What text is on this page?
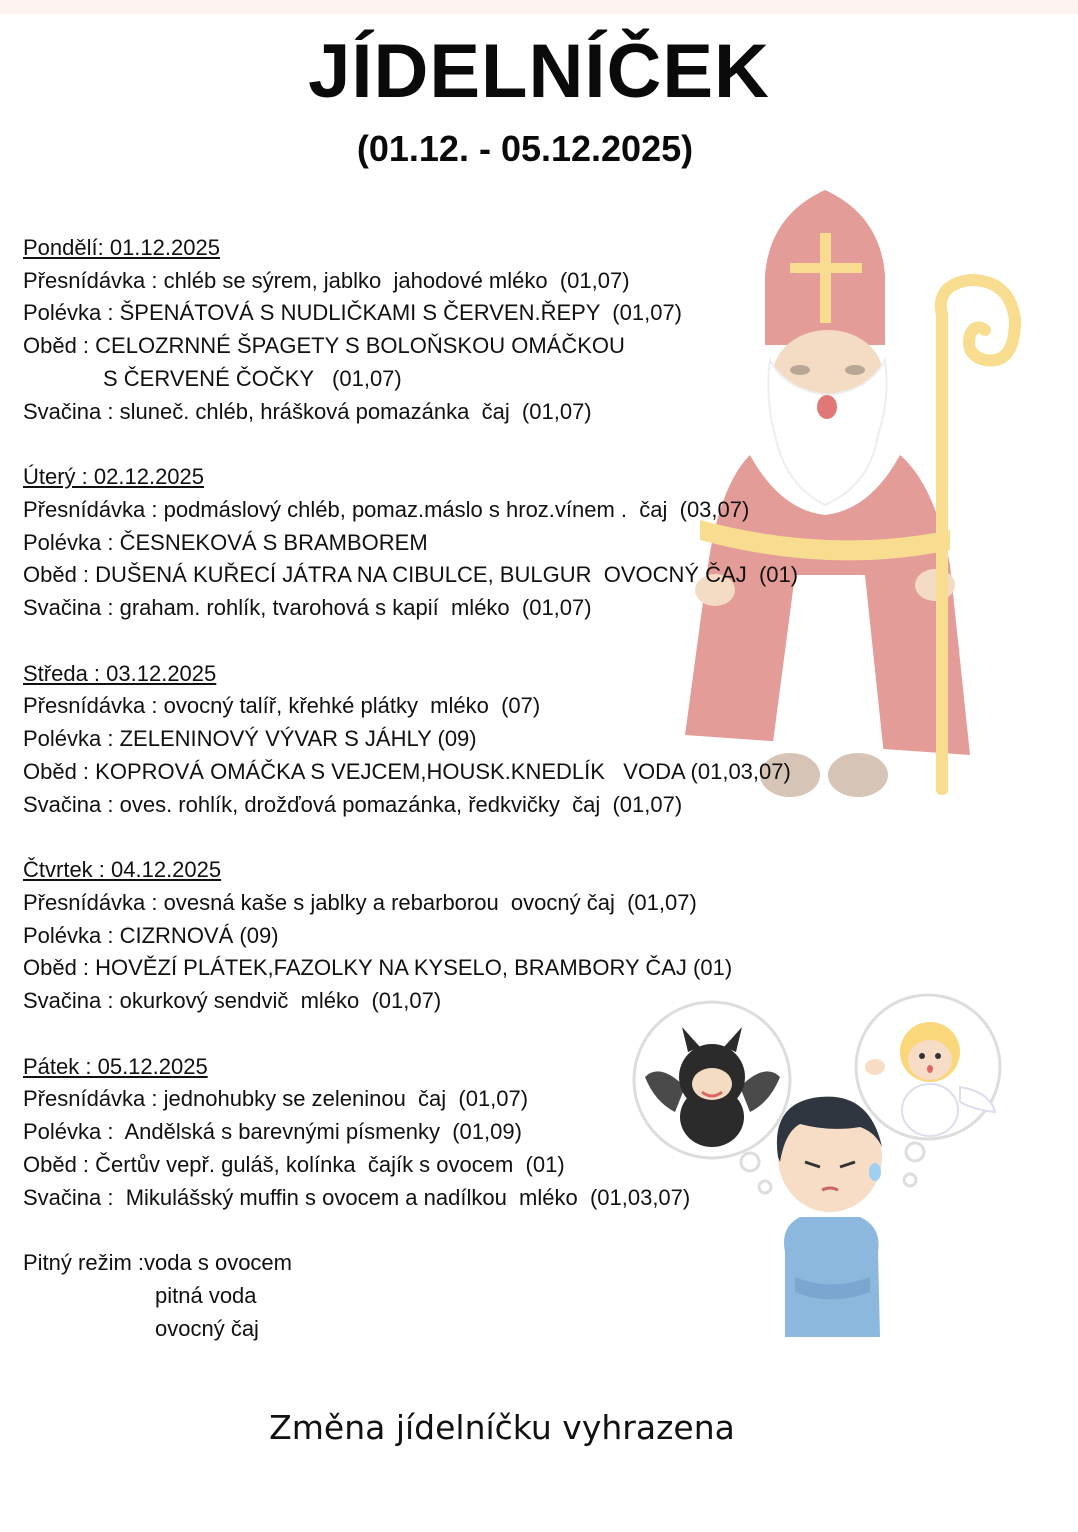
JÍDELNÍČEK
(01.12. - 05.12.2025)
Pondělí: 01.12.2025
Přesnídávka : chléb se sýrem, jablko  jahodové mléko  (01,07)
Polévka : ŠPENÁTOVÁ S NUDLIČKAMI S ČERVEN.ŘEPY  (01,07)
Oběd : CELOZRNNÉ ŠPAGETY S BOLOŇSKOU OMÁČKOU
S ČERVENÉ ČOČKY   (01,07)
Svačina : sluneč. chléb, hrášková pomazánka  čaj  (01,07)
Úterý : 02.12.2025
Přesnídávka : podmáslový chléb, pomaz.máslo s hroz.vínem .  čaj  (03,07)
Polévka : ČESNEKOVÁ S BRAMBOREM
Oběd : DUŠENÁ KUŘECÍ JÁTRA NA CIBULCE, BULGUR  OVOCNÝ ČAJ  (01)
Svačina : graham. rohlík, tvarohová s kapií  mléko  (01,07)
Středa : 03.12.2025
Přesnídávka : ovocný talíř, křehké plátky  mléko  (07)
Polévka : ZELENINOVÝ VÝVAR S JÁHLY (09)
Oběd : KOPROVÁ OMÁČKA S VEJCEM,HOUSK.KNEDLÍK   VODA (01,03,07)
Svačina : oves. rohlík, drožďová pomazánka, ředkvičky  čaj  (01,07)
Čtvrtek : 04.12.2025
Přesnídávka : ovesná kaše s jablky a rebarborou  ovocný čaj  (01,07)
Polévka : CIZRNOVÁ (09)
Oběd : HOVĚZÍ PLÁTEK,FAZOLKY NA KYSELO, BRAMBORY ČAJ (01)
Svačina : okurkový sendvič  mléko  (01,07)
Pátek : 05.12.2025
Přesnídávka : jednohubky se zeleninou  čaj  (01,07)
Polévka :  Andělská s barevnými písmenky  (01,09)
Oběd : Čertův vepř. guláš, kolínka  čajík s ovocem  (01)
Svačina :  Mikulášský muffin s ovocem a nadílkou  mléko  (01,03,07)
Pitný režim :voda s ovocem
pitná voda
ovocný čaj
Změna jídelníčku vyhrazena
